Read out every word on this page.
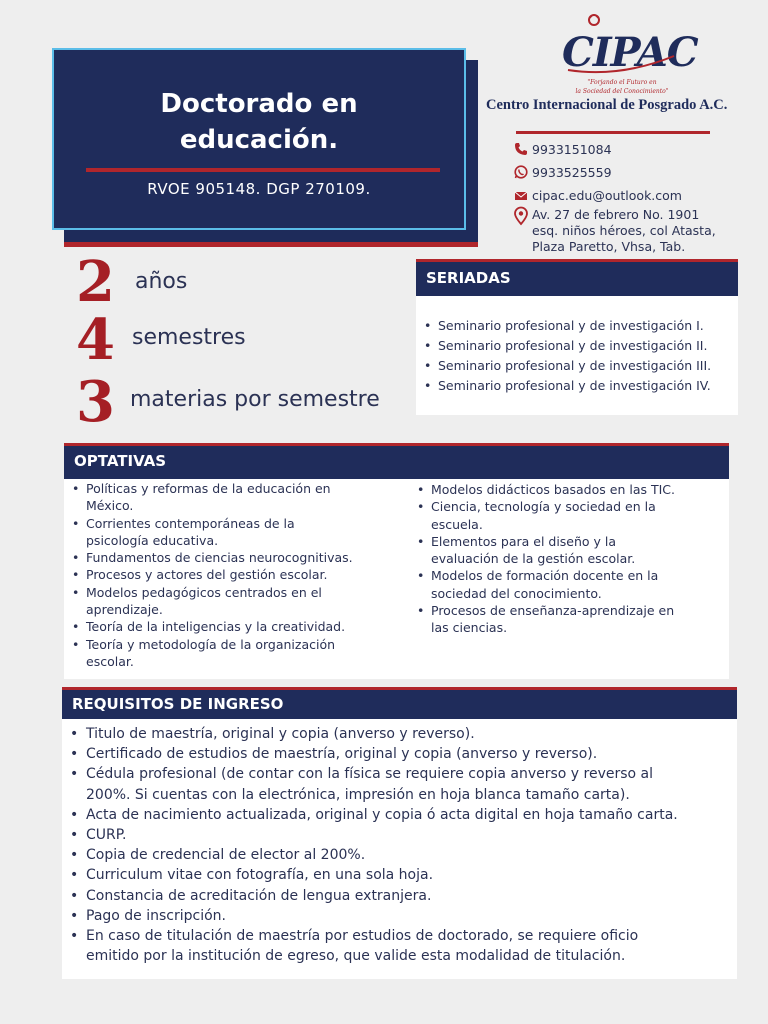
Doctorado en
educación.
RVOE 905148. DGP 270109.
CIPAC
"Forjando el Futuro en
la Sociedad del Conocimiento"
Centro Internacional de Posgrado A.C.
9933151084
9933525559
cipac.edu@outlook.com
Av. 27 de febrero No. 1901
esq. niños héroes, col Atasta,
Plaza Paretto, Vhsa, Tab.
2 años
4 semestres
3 materias por semestre
SERIADAS
• Seminario profesional y de investigación I.
• Seminario profesional y de investigación II.
• Seminario profesional y de investigación III.
• Seminario profesional y de investigación IV.
OPTATIVAS
• Políticas y reformas de la educación en
México.
• Corrientes contemporáneas de la
psicología educativa.
• Fundamentos de ciencias neurocognitivas.
• Procesos y actores del gestión escolar.
• Modelos pedagógicos centrados en el
aprendizaje.
• Teoría de la inteligencias y la creatividad.
• Teoría y metodología de la organización
escolar.
• Modelos didácticos basados en las TIC.
• Ciencia, tecnología y sociedad en la
escuela.
• Elementos para el diseño y la
evaluación de la gestión escolar.
• Modelos de formación docente en la
sociedad del conocimiento.
• Procesos de enseñanza-aprendizaje en
las ciencias.
REQUISITOS DE INGRESO
• Titulo de maestría, original y copia (anverso y reverso).
• Certificado de estudios de maestría, original y copia (anverso y reverso).
• Cédula profesional (de contar con la física se requiere copia anverso y reverso al
200%. Si cuentas con la electrónica, impresión en hoja blanca tamaño carta).
• Acta de nacimiento actualizada, original y copia ó acta digital en hoja tamaño carta.
• CURP.
• Copia de credencial de elector al 200%.
• Curriculum vitae con fotografía, en una sola hoja.
• Constancia de acreditación de lengua extranjera.
• Pago de inscripción.
• En caso de titulación de maestría por estudios de doctorado, se requiere oficio
emitido por la institución de egreso, que valide esta modalidad de titulación.
